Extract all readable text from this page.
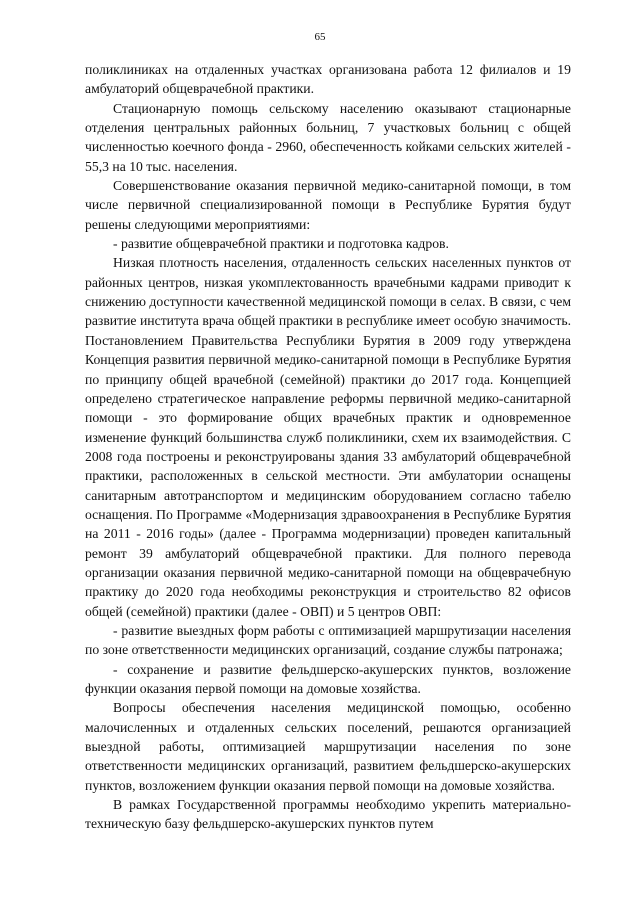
65

поликлиниках на отдаленных участках организована работа 12 филиалов и 19 амбулаторий общеврачебной практики.

Стационарную помощь сельскому населению оказывают стационарные отделения центральных районных больниц, 7 участковых больниц с общей численностью коечного фонда - 2960, обеспеченность койками сельских жителей - 55,3 на 10 тыс. населения.

Совершенствование оказания первичной медико-санитарной помощи, в том числе первичной специализированной помощи в Республике Бурятия будут решены следующими мероприятиями:

- развитие общеврачебной практики и подготовка кадров.

Низкая плотность населения, отдаленность сельских населенных пунктов от районных центров, низкая укомплектованность врачебными кадрами приводит к снижению доступности качественной медицинской помощи в селах. В связи, с чем развитие института врача общей практики в республике имеет особую значимость. Постановлением Правительства Республики Бурятия в 2009 году утверждена Концепция развития первичной медико-санитарной помощи в Республике Бурятия по принципу общей врачебной (семейной) практики до 2017 года. Концепцией определено стратегическое направление реформы первичной медико-санитарной помощи - это формирование общих врачебных практик и одновременное изменение функций большинства служб поликлиники, схем их взаимодействия. С 2008 года построены и реконструированы здания 33 амбулаторий общеврачебной практики, расположенных в сельской местности. Эти амбулатории оснащены санитарным автотранспортом и медицинским оборудованием согласно табелю оснащения. По Программе «Модернизация здравоохранения в Республике Бурятия на 2011 - 2016 годы» (далее - Программа модернизации) проведен капитальный ремонт 39 амбулаторий общеврачебной практики. Для полного перевода организации оказания первичной медико-санитарной помощи на общеврачебную практику до 2020 года необходимы реконструкция и строительство 82 офисов общей (семейной) практики (далее - ОВП) и 5 центров ОВП:

- развитие выездных форм работы с оптимизацией маршрутизации населения по зоне ответственности медицинских организаций, создание службы патронажа;

- сохранение и развитие фельдшерско-акушерских пунктов, возложение функции оказания первой помощи на домовые хозяйства.

Вопросы обеспечения населения медицинской помощью, особенно малочисленных и отдаленных сельских поселений, решаются организацией выездной работы, оптимизацией маршрутизации населения по зоне ответственности медицинских организаций, развитием фельдшерско-акушерских пунктов, возложением функции оказания первой помощи на домовые хозяйства.

В рамках Государственной программы необходимо укрепить материально-техническую базу фельдшерско-акушерских пунктов путем
